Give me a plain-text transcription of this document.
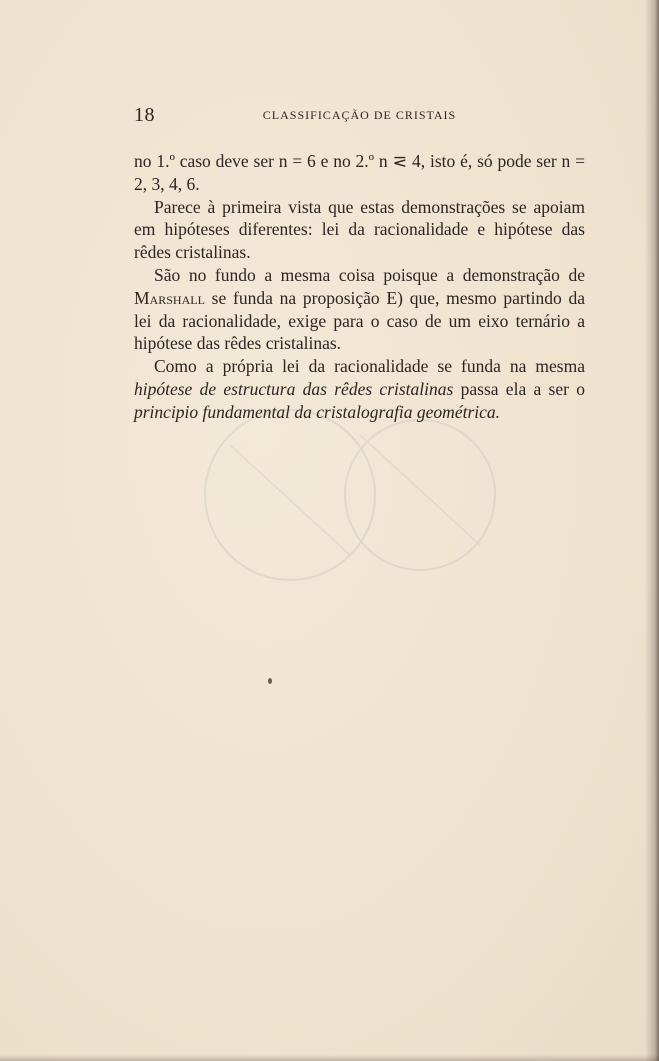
18	CLASSIFICAÇÃO DE CRISTAIS

no 1.º caso deve ser n = 6 e no 2.º n ⋜ 4, isto é, só pode ser n = 2, 3, 4, 6.

Parece à primeira vista que estas demonstrações se apoiam em hipóteses diferentes: lei da racionalidade e hipótese das rêdes cristalinas.

São no fundo a mesma coisa poisque a demonstração de Marshall se funda na proposição E) que, mesmo partindo da lei da racionalidade, exige para o caso de um eixo ternário a hipótese das rêdes cristalinas.

Como a própria lei da racionalidade se funda na mesma hipótese de estructura das rêdes cristalinas passa ela a ser o principio fundamental da cristalografia geométrica.
